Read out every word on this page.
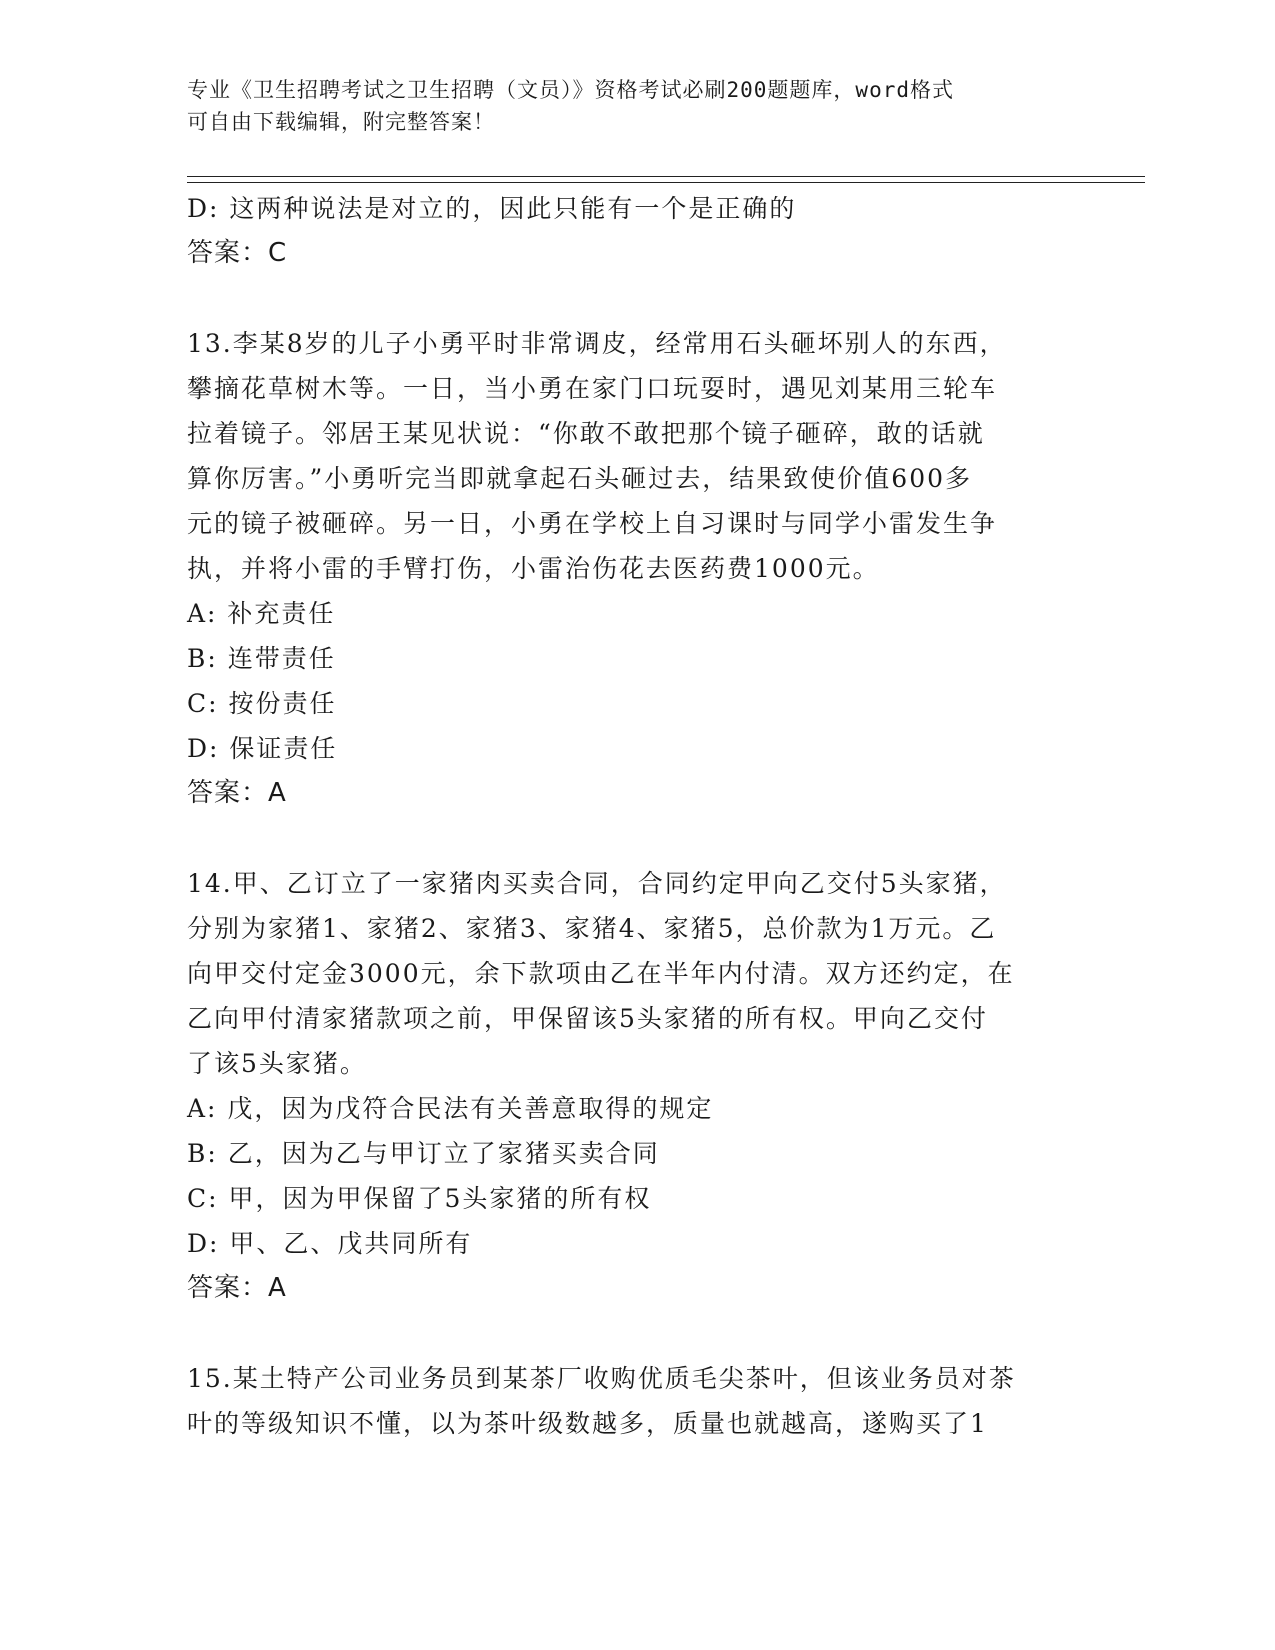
专业《卫生招聘考试之卫生招聘（文员）》资格考试必刷200题题库，word格式
可自由下载编辑，附完整答案！
D: 这两种说法是对立的，因此只能有一个是正确的
答案：C
13.李某8岁的儿子小勇平时非常调皮，经常用石头砸坏别人的东西，
攀摘花草树木等。一日，当小勇在家门口玩耍时，遇见刘某用三轮车
拉着镜子。邻居王某见状说：“你敢不敢把那个镜子砸碎，敢的话就
算你厉害。”小勇听完当即就拿起石头砸过去，结果致使价值600多
元的镜子被砸碎。另一日，小勇在学校上自习课时与同学小雷发生争
执，并将小雷的手臂打伤，小雷治伤花去医药费1000元。
A: 补充责任
B: 连带责任
C: 按份责任
D: 保证责任
答案：A
14.甲、乙订立了一家猪肉买卖合同，合同约定甲向乙交付5头家猪，
分别为家猪1、家猪2、家猪3、家猪4、家猪5，总价款为1万元。乙
向甲交付定金3000元，余下款项由乙在半年内付清。双方还约定，在
乙向甲付清家猪款项之前，甲保留该5头家猪的所有权。甲向乙交付
了该5头家猪。
A: 戊，因为戊符合民法有关善意取得的规定
B: 乙，因为乙与甲订立了家猪买卖合同
C: 甲，因为甲保留了5头家猪的所有权
D: 甲、乙、戊共同所有
答案：A
15.某土特产公司业务员到某茶厂收购优质毛尖茶叶，但该业务员对茶
叶的等级知识不懂，以为茶叶级数越多，质量也就越高，遂购买了1
